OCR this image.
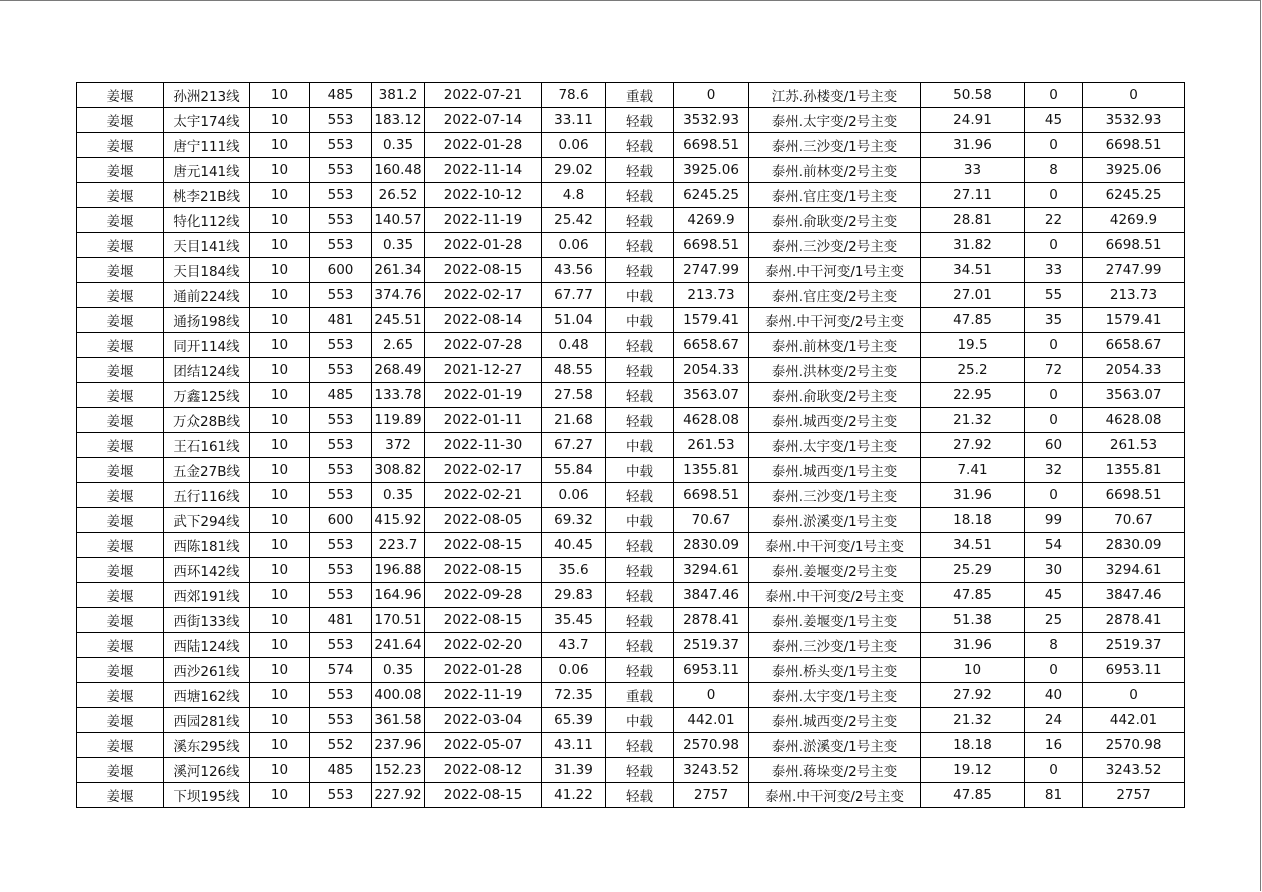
姜堰	孙洲213线	10	485	381.2	2022-07-21	78.6	重载	0	江苏.孙楼变/1号主变	50.58	0	0
姜堰	太宇174线	10	553	183.12	2022-07-14	33.11	轻载	3532.93	泰州.太宇变/2号主变	24.91	45	3532.93
姜堰	唐宁111线	10	553	0.35	2022-01-28	0.06	轻载	6698.51	泰州.三沙变/1号主变	31.96	0	6698.51
姜堰	唐元141线	10	553	160.48	2022-11-14	29.02	轻载	3925.06	泰州.前林变/2号主变	33	8	3925.06
姜堰	桃李21B线	10	553	26.52	2022-10-12	4.8	轻载	6245.25	泰州.官庄变/1号主变	27.11	0	6245.25
姜堰	特化112线	10	553	140.57	2022-11-19	25.42	轻载	4269.9	泰州.俞耿变/2号主变	28.81	22	4269.9
姜堰	天目141线	10	553	0.35	2022-01-28	0.06	轻载	6698.51	泰州.三沙变/2号主变	31.82	0	6698.51
姜堰	天目184线	10	600	261.34	2022-08-15	43.56	轻载	2747.99	泰州.中干河变/1号主变	34.51	33	2747.99
姜堰	通前224线	10	553	374.76	2022-02-17	67.77	中载	213.73	泰州.官庄变/2号主变	27.01	55	213.73
姜堰	通扬198线	10	481	245.51	2022-08-14	51.04	中载	1579.41	泰州.中干河变/2号主变	47.85	35	1579.41
姜堰	同开114线	10	553	2.65	2022-07-28	0.48	轻载	6658.67	泰州.前林变/1号主变	19.5	0	6658.67
姜堰	团结124线	10	553	268.49	2021-12-27	48.55	轻载	2054.33	泰州.洪林变/2号主变	25.2	72	2054.33
姜堰	万鑫125线	10	485	133.78	2022-01-19	27.58	轻载	3563.07	泰州.俞耿变/2号主变	22.95	0	3563.07
姜堰	万众28B线	10	553	119.89	2022-01-11	21.68	轻载	4628.08	泰州.城西变/2号主变	21.32	0	4628.08
姜堰	王石161线	10	553	372	2022-11-30	67.27	中载	261.53	泰州.太宇变/1号主变	27.92	60	261.53
姜堰	五金27B线	10	553	308.82	2022-02-17	55.84	中载	1355.81	泰州.城西变/1号主变	7.41	32	1355.81
姜堰	五行116线	10	553	0.35	2022-02-21	0.06	轻载	6698.51	泰州.三沙变/1号主变	31.96	0	6698.51
姜堰	武下294线	10	600	415.92	2022-08-05	69.32	中载	70.67	泰州.淤溪变/1号主变	18.18	99	70.67
姜堰	西陈181线	10	553	223.7	2022-08-15	40.45	轻载	2830.09	泰州.中干河变/1号主变	34.51	54	2830.09
姜堰	西环142线	10	553	196.88	2022-08-15	35.6	轻载	3294.61	泰州.姜堰变/2号主变	25.29	30	3294.61
姜堰	西郊191线	10	553	164.96	2022-09-28	29.83	轻载	3847.46	泰州.中干河变/2号主变	47.85	45	3847.46
姜堰	西街133线	10	481	170.51	2022-08-15	35.45	轻载	2878.41	泰州.姜堰变/1号主变	51.38	25	2878.41
姜堰	西陆124线	10	553	241.64	2022-02-20	43.7	轻载	2519.37	泰州.三沙变/1号主变	31.96	8	2519.37
姜堰	西沙261线	10	574	0.35	2022-01-28	0.06	轻载	6953.11	泰州.桥头变/1号主变	10	0	6953.11
姜堰	西塘162线	10	553	400.08	2022-11-19	72.35	重载	0	泰州.太宇变/1号主变	27.92	40	0
姜堰	西园281线	10	553	361.58	2022-03-04	65.39	中载	442.01	泰州.城西变/2号主变	21.32	24	442.01
姜堰	溪东295线	10	552	237.96	2022-05-07	43.11	轻载	2570.98	泰州.淤溪变/1号主变	18.18	16	2570.98
姜堰	溪河126线	10	485	152.23	2022-08-12	31.39	轻载	3243.52	泰州.蒋垛变/2号主变	19.12	0	3243.52
姜堰	下坝195线	10	553	227.92	2022-08-15	41.22	轻载	2757	泰州.中干河变/2号主变	47.85	81	2757
